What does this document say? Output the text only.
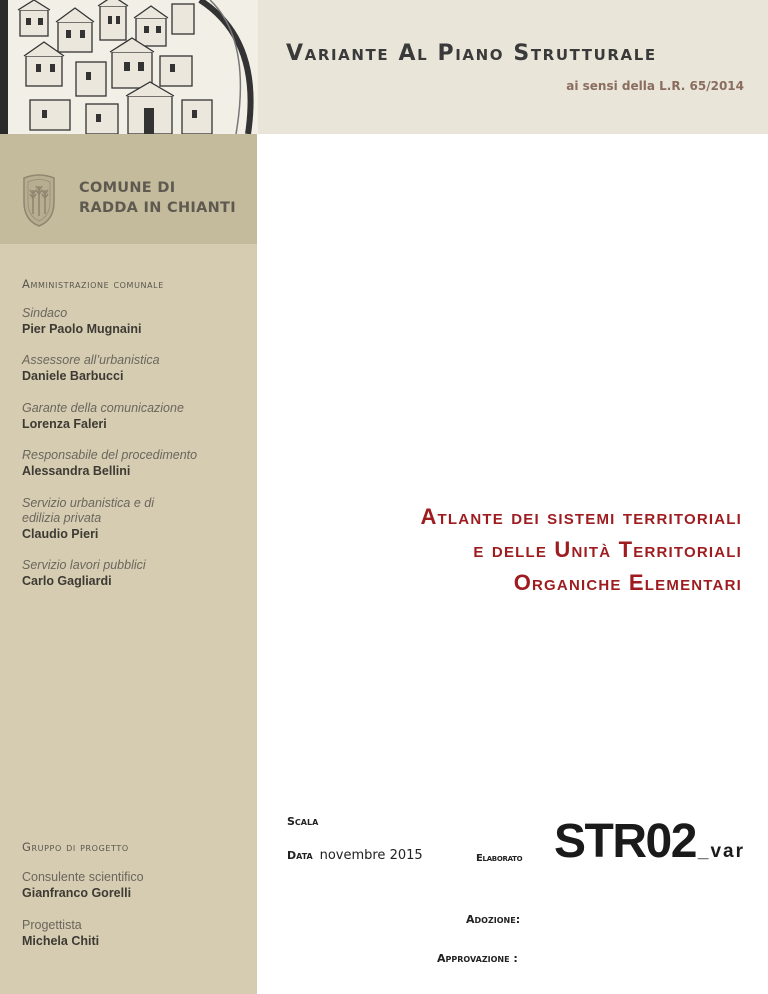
Variante Al Piano Strutturale
ai sensi della L.R. 65/2014
COMUNE DI
RADDA IN CHIANTI
Amministrazione comunale
Sindaco
Pier Paolo Mugnaini
Assessore all’urbanistica
Daniele Barbucci
Garante della comunicazione
Lorenza Faleri
Responsabile del procedimento
Alessandra Bellini
Servizio urbanistica e di
edilizia privata
Claudio Pieri
Servizio lavori pubblici
Carlo Gagliardi
Gruppo di progetto
Consulente scientifico
Gianfranco Gorelli
Progettista
Michela Chiti
Atlante dei sistemi territoriali
e delle Unità Territoriali
Organiche Elementari
Scala
Data novembre 2015	Elaborato STR02 _var
Adozione:
Approvazione :
